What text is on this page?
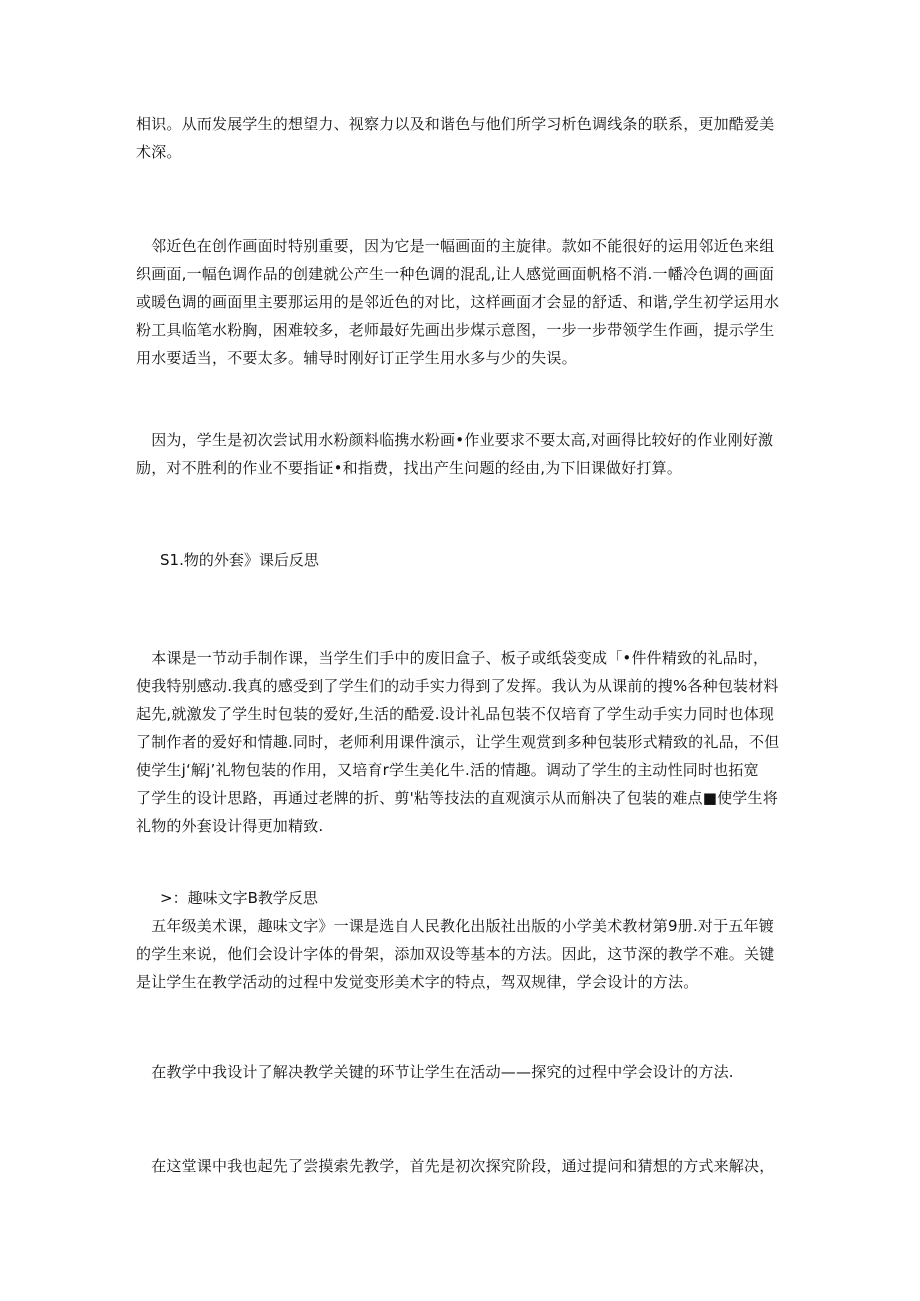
相识。从而发展学生的想望力、视察力以及和谐色与他们所学习析色调线条的联系，更加酷爱美
术深。
　邻近色在创作画面时特别重要，因为它是一幅画面的主旋律。款如不能很好的运用邻近色来组
织画面,一幅色调作品的创建就公产生一种色调的混乱,让人感觉画面帆格不消.一幡冷色调的画面
或暖色调的画面里主要那运用的是邻近色的对比，这样画面才会显的舒适、和谐,学生初学运用水
粉工具临笔水粉胸，困难较多，老师最好先画出步煤示意图，一步一步带领学生作画，提示学生
用水要适当，不要太多。辅导时刚好订正学生用水多与少的失误。
　因为，学生是初次尝试用水粉颜料临携水粉画•作业要求不要太高,对画得比较好的作业刚好激
励，对不胜利的作业不要指证•和指费，找出产生问题的经由,为下旧课做好打算。
S1.物的外套》课后反思
　本课是一节动手制作课，当学生们手中的废旧盒子、板子或纸袋变成「•件件精致的礼品时，
使我特别感动.我真的感受到了学生们的动手实力得到了发挥。我认为从课前的搜%各种包装材料
起先,就激发了学生时包装的爱好,生活的酷爱.设计礼品包装不仅培育了学生动手实力同时也体现
了制作者的爱好和情趣.同时，老师利用课件演示，让学生观赏到多种包装形式精致的礼品，不但
使学生j‘解j’礼物包装的作用，又培育r学生美化牛.活的情趣。调动了学生的主动性同时也拓宽
了学生的设计思路，再通过老牌的折、剪'粘等技法的直观演示从而斛决了包装的难点■使学生将
礼物的外套设计得更加精致.
>：趣味文字B教学反思
　五年级美术课，趣味文字》一课是选自人民教化出版社出版的小学美术教材第9册.对于五年镀
的学生来说，他们会设计字体的骨架，添加双设等基本的方法。因此，这节深的教学不难。关键
是让学生在教学活动的过程中发觉变形美术字的特点，驾双规律，学会设计的方法。
　在教学中我设计了解决教学关键的环节让学生在活动——探究的过程中学会设计的方法.
　在这堂课中我也起先了尝摸索先教学，首先是初次探究阶段，通过提问和猜想的方式来解决，
